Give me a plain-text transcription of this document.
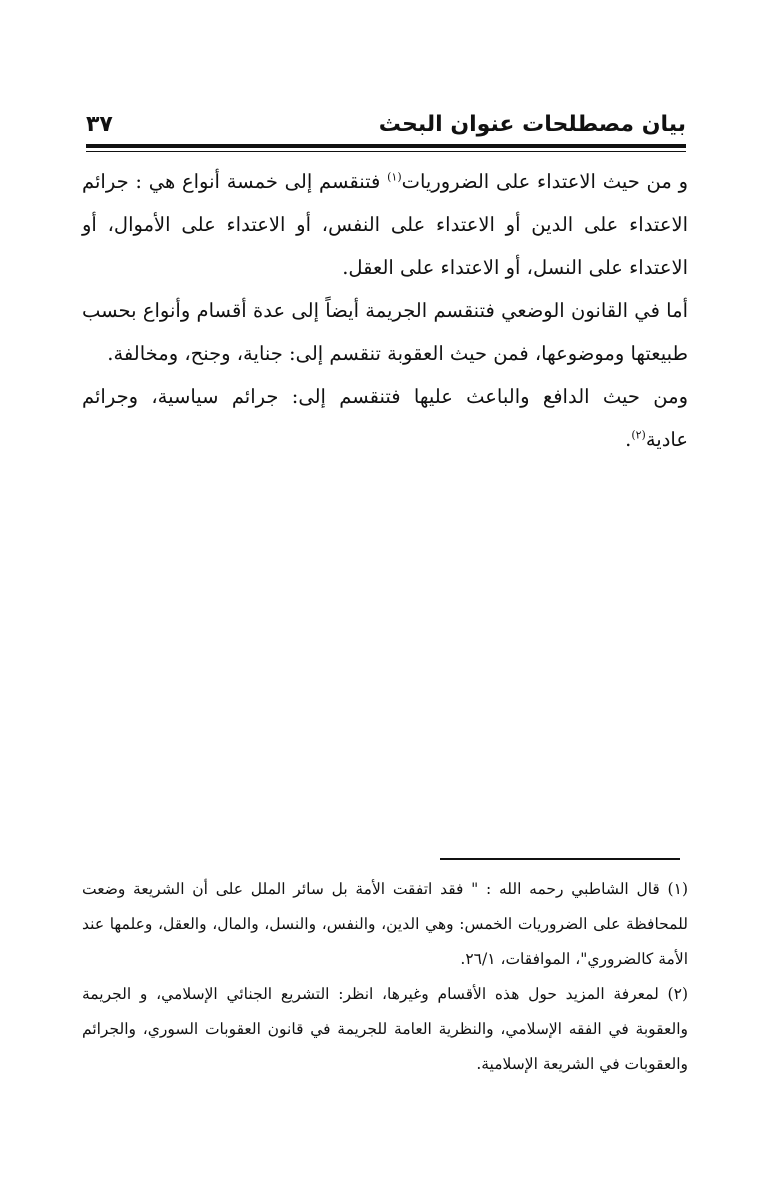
بيان مصطلحات عنوان البحث
٣٧

و من حيث الاعتداء على الضروريات$^{(١)}$ فتنقسم إلى خمسة أنواع هي : جرائم الاعتداء على الدين أو الاعتداء على النفس، أو الاعتداء على الأموال، أو الاعتداء على النسل، أو الاعتداء على العقل.

أما في القانون الوضعي فتنقسم الجريمة أيضاً إلى عدة أقسام وأنواع بحسب طبيعتها وموضوعها، فمن حيث العقوبة تنقسم إلى: جناية، وجنح، ومخالفة.

ومن حيث الدافع والباعث عليها فتنقسم إلى: جرائم سياسية، وجرائم عادية$^{(٢)}$.

(١) قال الشاطبي رحمه الله : " فقد اتفقت الأمة بل سائر الملل على أن الشريعة وضعت للمحافظة على الضروريات الخمس: وهي الدين، والنفس، والنسل، والمال، والعقل، وعلمها عند الأمة كالضروري"، الموافقات، ٢٦/١.

(٢) لمعرفة المزيد حول هذه الأقسام وغيرها، انظر: التشريع الجنائي الإسلامي، و الجريمة والعقوبة في الفقه الإسلامي، والنظرية العامة للجريمة في قانون العقوبات السوري، والجرائم والعقوبات في الشريعة الإسلامية.
